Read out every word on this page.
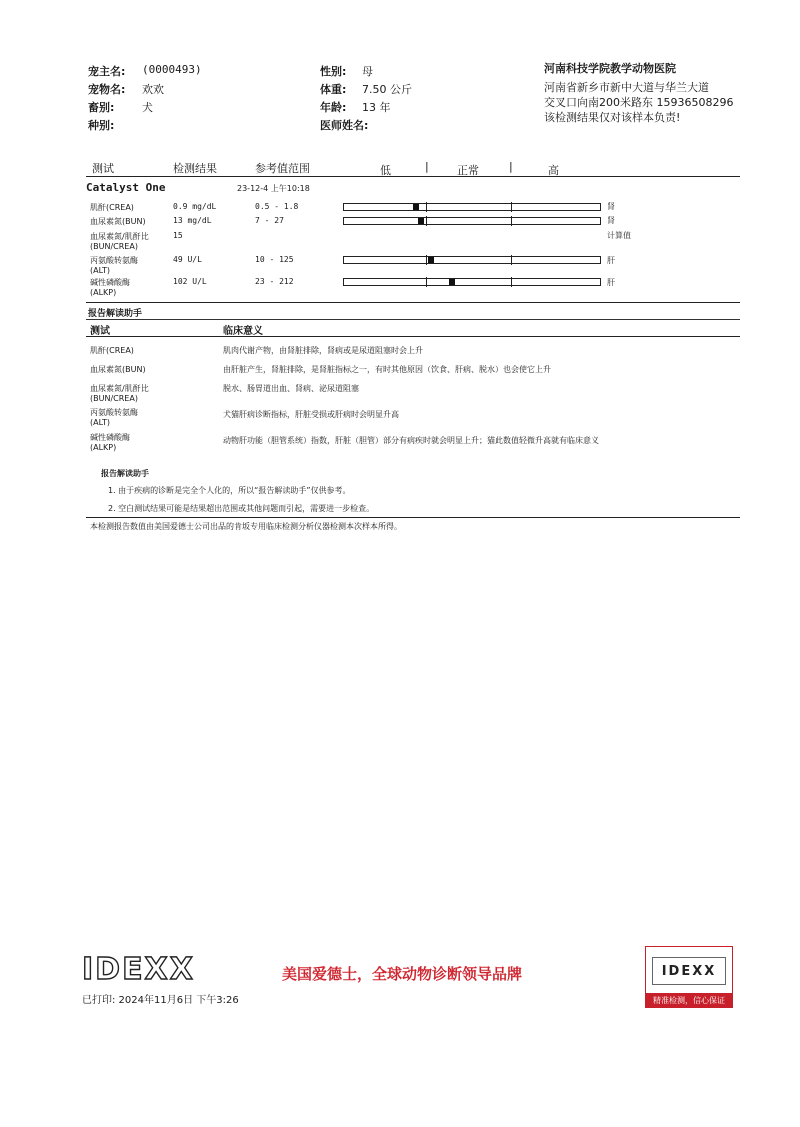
宠主名: (0000493)
宠物名: 欢欢
畜别:	犬
种别:
性别: 母
体重: 7.50 公斤
年龄: 13 年
医师姓名:
河南科技学院教学动物医院
河南省新乡市新中大道与华兰大道
交叉口向南200米路东 15936508296
该检测结果仅对该样本负责!
测试	检测结果	参考值范围	低	|	正常	|	高
Catalyst One	23-12-4 上午10:18
肌酐(CREA)	0.9 mg/dL	0.5 - 1.8	肾
血尿素氮(BUN)	13 mg/dL	7 - 27	肾
血尿素氮/肌酐比
(BUN/CREA)
15	计算值
丙氨酸转氨酶
(ALT)
49 U/L	10 - 125	肝
碱性磷酸酶
(ALKP)
102 U/L	23 - 212	肝
报告解读助手
测试	临床意义
肌酐(CREA)	肌肉代谢产物，由肾脏排除，肾病或是尿道阻塞时会上升
血尿素氮(BUN)	由肝脏产生，肾脏排除，是肾脏指标之一，有时其他原因（饮食、肝病、脱水）也会使它上升
血尿素氮/肌酐比
(BUN/CREA)
脱水、肠胃道出血、肾病、泌尿道阻塞
丙氨酸转氨酶
(ALT)
犬猫肝病诊断指标，肝脏受损或肝病时会明显升高
碱性磷酸酶
(ALKP)
动物肝功能（胆管系统）指数，肝脏（胆管）部分有病疾时就会明显上升；猫此数值轻微升高就有临床意义
报告解读助手
1. 由于疾病的诊断是完全个人化的，所以“报告解读助手”仅供参考。
2. 空白测试结果可能是结果超出范围或其他问题而引起，需要进一步检查。
本检测报告数值由美国爱德士公司出品的肯坂专用临床检测分析仪器检测本次样本所得。
IDEXX	美国爱德士，全球动物诊断领导品牌
已打印: 2024年11月6日 下午3:26
IDEXX
精准检测，信心保证
